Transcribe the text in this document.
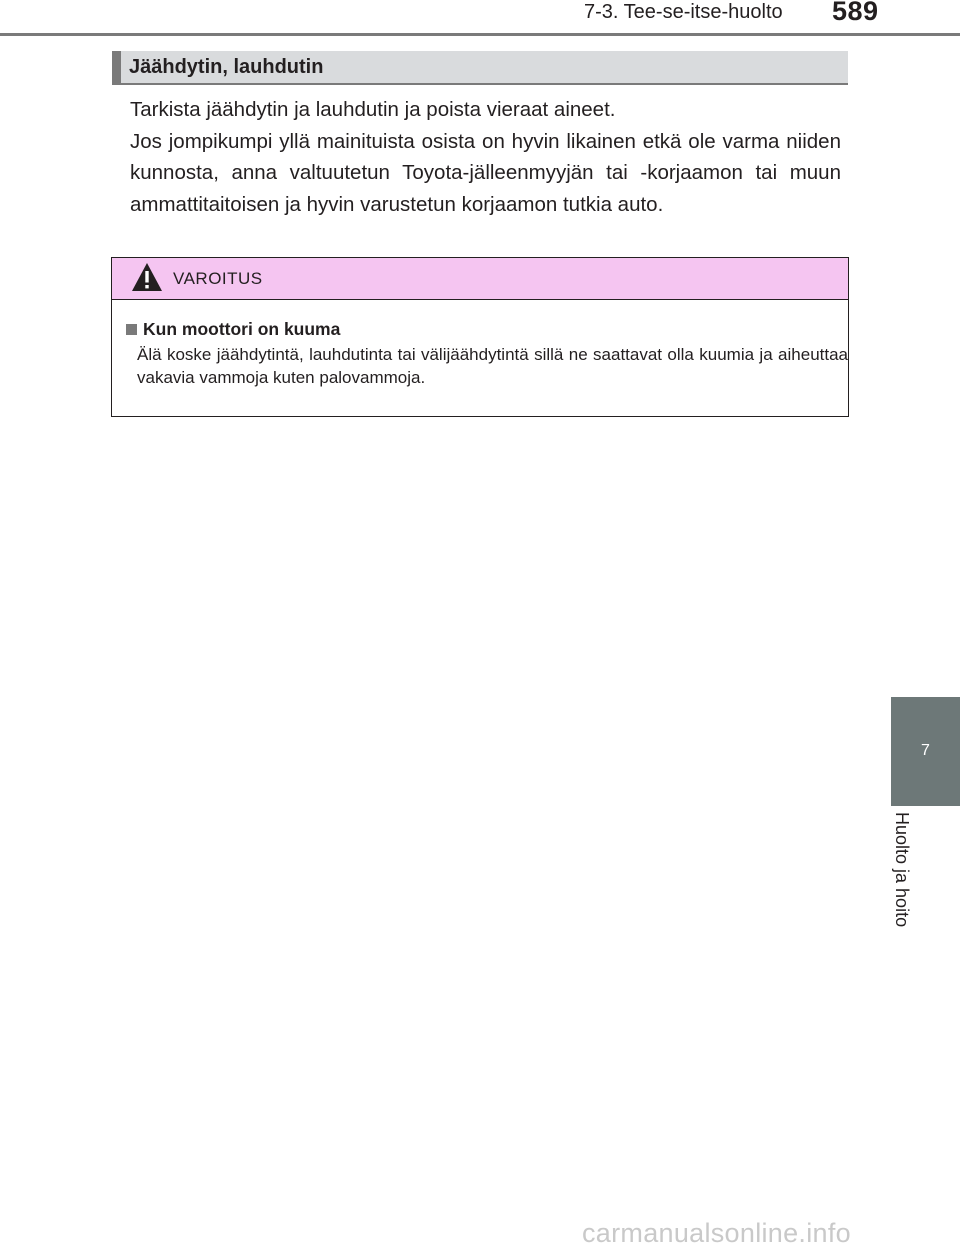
7-3. Tee-se-itse-huolto 589
Jäähdytin, lauhdutin

Tarkista jäähdytin ja lauhdutin ja poista vieraat aineet.

Jos jompikumpi yllä mainituista osista on hyvin likainen etkä ole varma niiden kunnosta, anna valtuutetun Toyota-jälleenmyyjän tai -korjaamon tai muun ammattitaitoisen ja hyvin varustetun korjaamon tutkia auto.

VAROITUS
Kun moottori on kuuma

Älä koske jäähdytintä, lauhdutinta tai välijäähdytintä sillä ne saattavat olla kuumia ja aiheuttaa vakavia vammoja kuten palovammoja.

7
Huolto ja hoito
carmanualsonline.info
